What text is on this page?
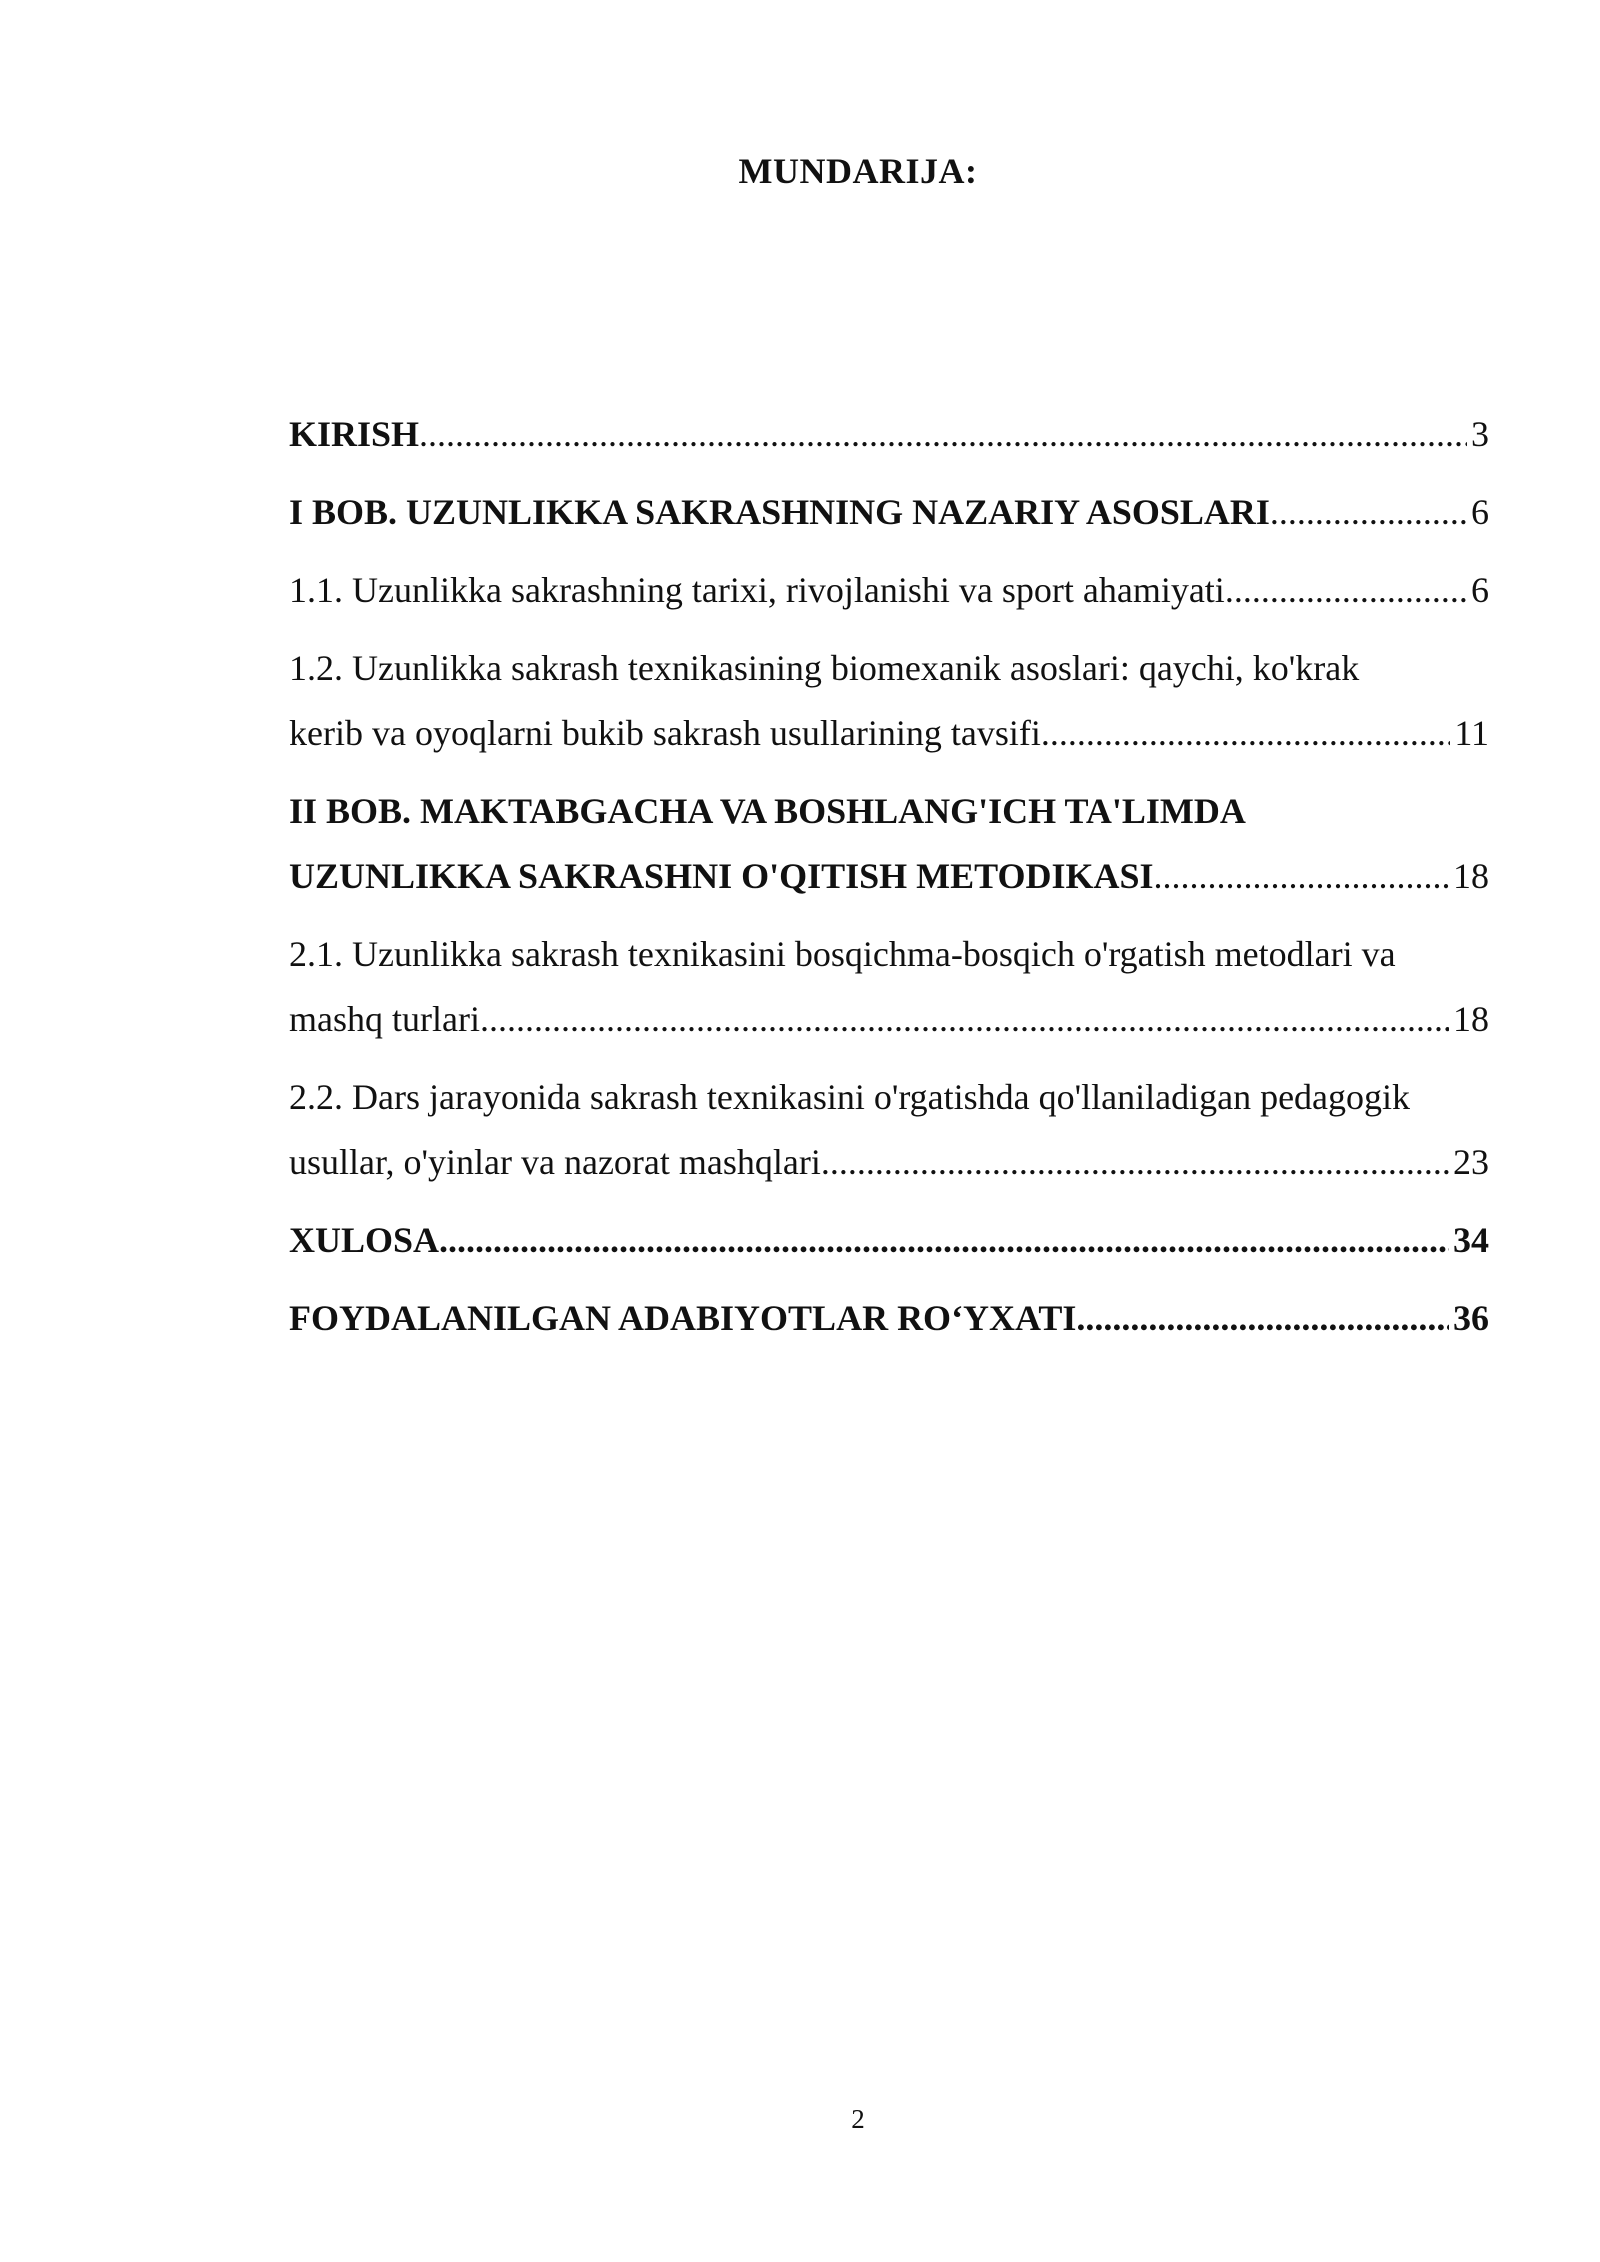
MUNDARIJA:
KIRISH .....	3
I BOB. UZUNLIKKA SAKRASHNING NAZARIY ASOSLARI .....	6
1.1. Uzunlikka sakrashning tarixi, rivojlanishi va sport ahamiyati .....	6
1.2. Uzunlikka sakrash texnikasining biomexanik asoslari: qaychi, ko'krak
kerib va oyoqlarni bukib sakrash usullarining tavsifi .....	11
II BOB. MAKTABGACHA VA BOSHLANG'ICH TA'LIMDA
UZUNLIKKA SAKRASHNI O'QITISH METODIKASI .....	18
2.1. Uzunlikka sakrash texnikasini bosqichma-bosqich o'rgatish metodlari va
mashq turlari .....	18
2.2. Dars jarayonida sakrash texnikasini o'rgatishda qo'llaniladigan pedagogik
usullar, o'yinlar va nazorat mashqlari .....	23
XULOSA .....	34
FOYDALANILGAN ADABIYOTLAR RO‘YXATI .....	36
2
